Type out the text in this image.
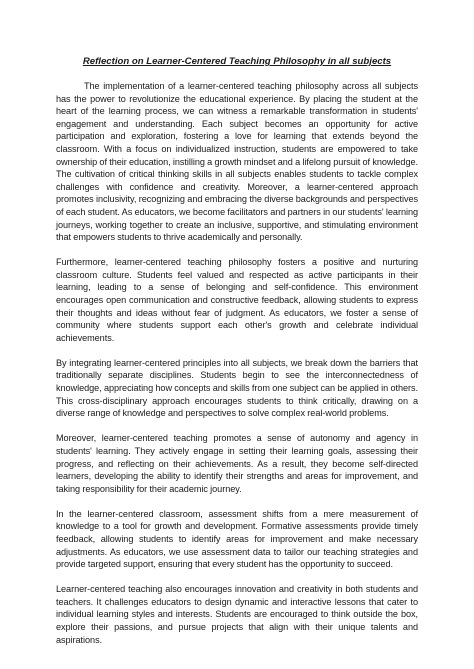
Reflection on Learner-Centered Teaching Philosophy in all subjects

The implementation of a learner-centered teaching philosophy across all subjects has the power to revolutionize the educational experience. By placing the student at the heart of the learning process, we can witness a remarkable transformation in students' engagement and understanding. Each subject becomes an opportunity for active participation and exploration, fostering a love for learning that extends beyond the classroom. With a focus on individualized instruction, students are empowered to take ownership of their education, instilling a growth mindset and a lifelong pursuit of knowledge. The cultivation of critical thinking skills in all subjects enables students to tackle complex challenges with confidence and creativity. Moreover, a learner-centered approach promotes inclusivity, recognizing and embracing the diverse backgrounds and perspectives of each student. As educators, we become facilitators and partners in our students' learning journeys, working together to create an inclusive, supportive, and stimulating environment that empowers students to thrive academically and personally.

Furthermore, learner-centered teaching philosophy fosters a positive and nurturing classroom culture. Students feel valued and respected as active participants in their learning, leading to a sense of belonging and self-confidence. This environment encourages open communication and constructive feedback, allowing students to express their thoughts and ideas without fear of judgment. As educators, we foster a sense of community where students support each other's growth and celebrate individual achievements.

By integrating learner-centered principles into all subjects, we break down the barriers that traditionally separate disciplines. Students begin to see the interconnectedness of knowledge, appreciating how concepts and skills from one subject can be applied in others. This cross-disciplinary approach encourages students to think critically, drawing on a diverse range of knowledge and perspectives to solve complex real-world problems.

Moreover, learner-centered teaching promotes a sense of autonomy and agency in students' learning. They actively engage in setting their learning goals, assessing their progress, and reflecting on their achievements. As a result, they become self-directed learners, developing the ability to identify their strengths and areas for improvement, and taking responsibility for their academic journey.

In the learner-centered classroom, assessment shifts from a mere measurement of knowledge to a tool for growth and development. Formative assessments provide timely feedback, allowing students to identify areas for improvement and make necessary adjustments. As educators, we use assessment data to tailor our teaching strategies and provide targeted support, ensuring that every student has the opportunity to succeed.

Learner-centered teaching also encourages innovation and creativity in both students and teachers. It challenges educators to design dynamic and interactive lessons that cater to individual learning styles and interests. Students are encouraged to think outside the box, explore their passions, and pursue projects that align with their unique talents and aspirations.
